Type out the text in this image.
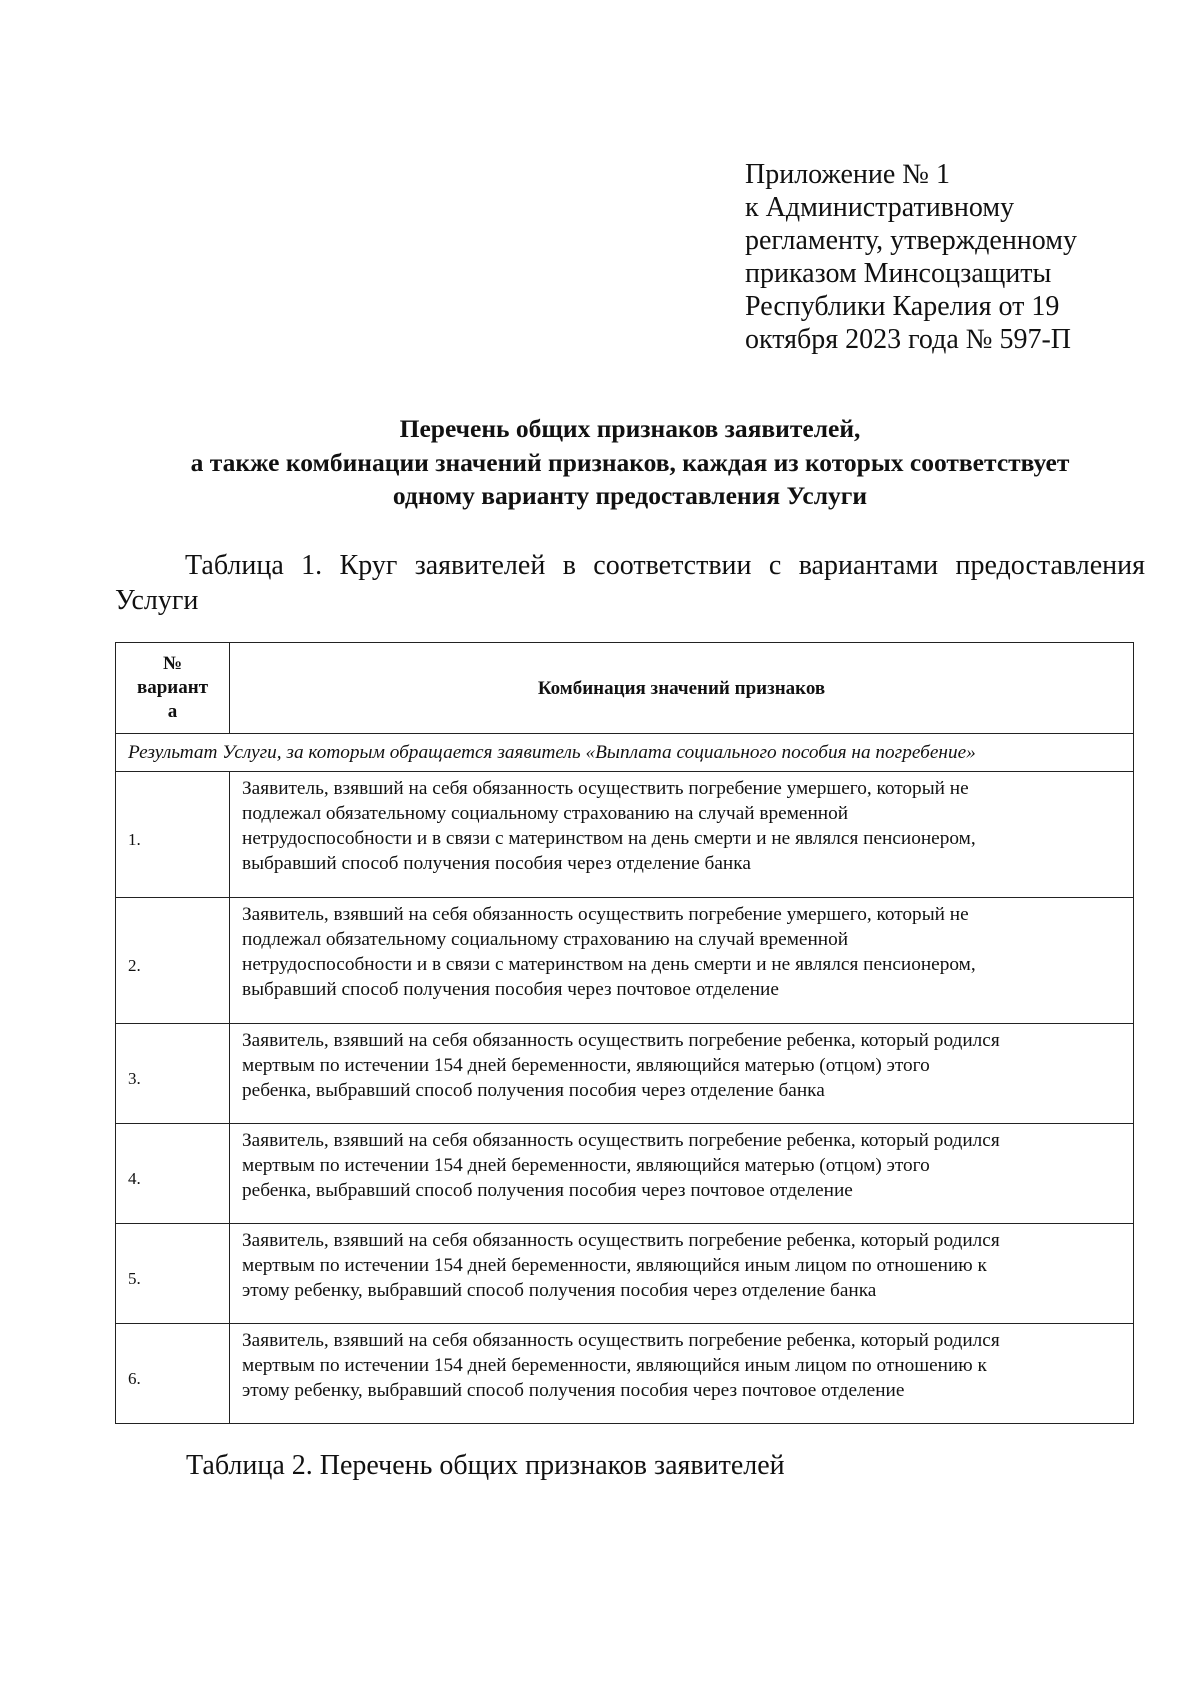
Приложение № 1
к Административному
регламенту, утвержденному
приказом Минсоцзащиты
Республики Карелия от 19
октября 2023 года № 597-П
Перечень общих признаков заявителей,
а также комбинации значений признаков, каждая из которых соответствует
одному варианту предоставления Услуги
Таблица 1. Круг заявителей в соответствии с вариантами предоставления Услуги
№
вариант
а	Комбинация значений признаков
Результат Услуги, за которым обращается заявитель «Выплата социального пособия на погребение»	
1.	Заявитель, взявший на себя обязанность осуществить погребение умершего, который не
подлежал обязательному социальному страхованию на случай временной
нетрудоспособности и в связи с материнством на день смерти и не являлся пенсионером,
выбравший способ получения пособия через отделение банка

2.	Заявитель, взявший на себя обязанность осуществить погребение умершего, который не
подлежал обязательному социальному страхованию на случай временной
нетрудоспособности и в связи с материнством на день смерти и не являлся пенсионером,
выбравший способ получения пособия через почтовое отделение

3.	Заявитель, взявший на себя обязанность осуществить погребение ребенка, который родился
мертвым по истечении 154 дней беременности, являющийся матерью (отцом) этого
ребенка, выбравший способ получения пособия через отделение банка

4.	Заявитель, взявший на себя обязанность осуществить погребение ребенка, который родился
мертвым по истечении 154 дней беременности, являющийся матерью (отцом) этого
ребенка, выбравший способ получения пособия через почтовое отделение

5.	Заявитель, взявший на себя обязанность осуществить погребение ребенка, который родился
мертвым по истечении 154 дней беременности, являющийся иным лицом по отношению к
этому ребенку, выбравший способ получения пособия через отделение банка

6.	Заявитель, взявший на себя обязанность осуществить погребение ребенка, который родился
мертвым по истечении 154 дней беременности, являющийся иным лицом по отношению к
этому ребенку, выбравший способ получения пособия через почтовое отделение
Таблица 2. Перечень общих признаков заявителей
